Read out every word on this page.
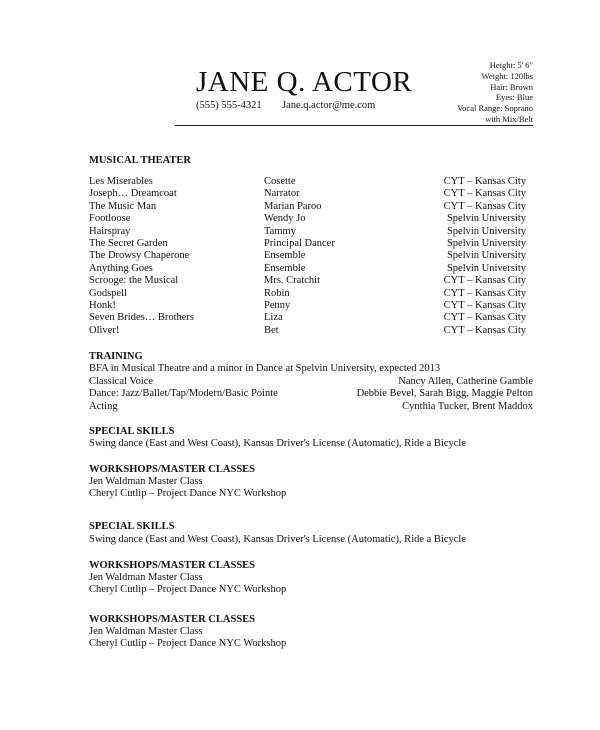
JANE Q. ACTOR
(555) 555-4321 Jane.q.actor@me.com
Height: 5' 6"
Weight: 120lbs
Hair: Brown
Eyes: Blue
Vocal Range: Soprano
with Mix/Belt
MUSICAL THEATER
Les Miserables	Cosette	CYT – Kansas City
Joseph… Dreamcoat	Narrator	CYT – Kansas City
The Music Man	Marian Paroo	CYT – Kansas City
Footloose	Wendy Jo	Spelvin University
Hairspray	Tammy	Spelvin University
The Secret Garden	Principal Dancer	Spelvin University
The Drowsy Chaperone	Ensemble	Spelvin University
Anything Goes	Ensemble	Spelvin University
Scrooge: the Musical	Mrs. Cratchit	CYT – Kansas City
Godspell	Robin	CYT – Kansas City
Honk!	Penny	CYT – Kansas City
Seven Brides… Brothers	Liza	CYT – Kansas City
Oliver!	Bet	CYT – Kansas City
TRAINING
BFA in Musical Theatre and a minor in Dance at Spelvin University, expected 2013
Classical Voice	Nancy Allen, Catherine Gamble
Dance: Jazz/Ballet/Tap/Modern/Basic Pointe	Debbie Bevel, Sarah Bigg, Maggie Pelton
Acting	Cynthia Tucker, Brent Maddox
SPECIAL SKILLS
Swing dance (East and West Coast), Kansas Driver's License (Automatic), Ride a Bicycle
WORKSHOPS/MASTER CLASSES
Jen Waldman Master Class
Cheryl Cutlip – Project Dance NYC Workshop
SPECIAL SKILLS
Swing dance (East and West Coast), Kansas Driver's License (Automatic), Ride a Bicycle
WORKSHOPS/MASTER CLASSES
Jen Waldman Master Class
Cheryl Cutlip – Project Dance NYC Workshop
WORKSHOPS/MASTER CLASSES
Jen Waldman Master Class
Cheryl Cutlip – Project Dance NYC Workshop
